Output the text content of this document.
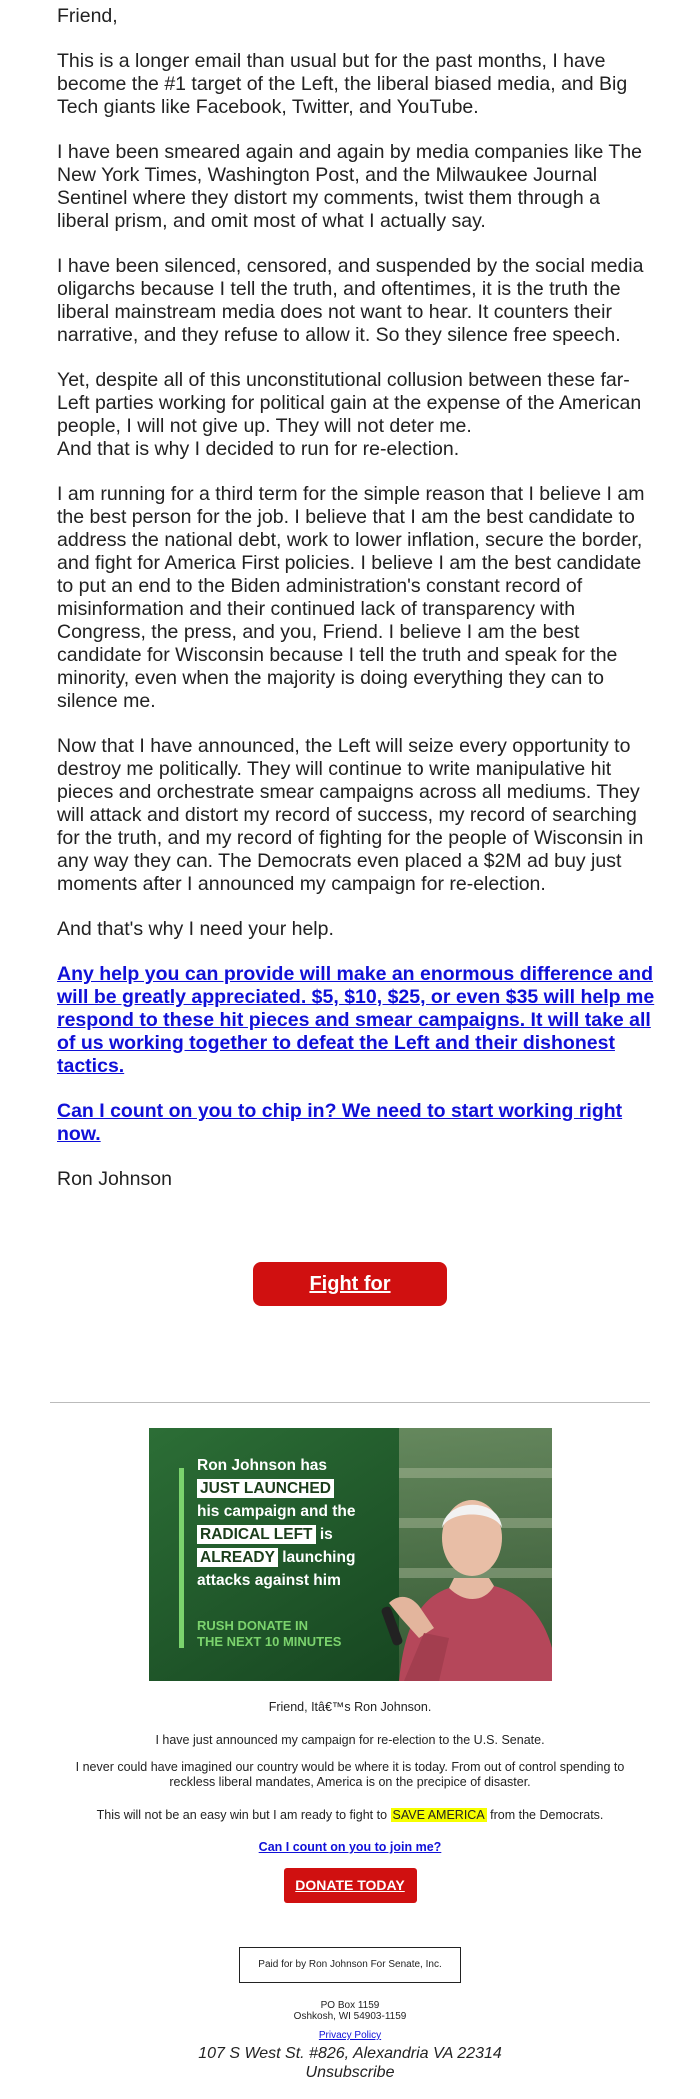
Friend,

This is a longer email than usual but for the past months, I have become the #1 target of the Left, the liberal biased media, and Big Tech giants like Facebook, Twitter, and YouTube.

I have been smeared again and again by media companies like The New York Times, Washington Post, and the Milwaukee Journal Sentinel where they distort my comments, twist them through a liberal prism, and omit most of what I actually say.

I have been silenced, censored, and suspended by the social media oligarchs because I tell the truth, and oftentimes, it is the truth the liberal mainstream media does not want to hear. It counters their narrative, and they refuse to allow it. So they silence free speech.

Yet, despite all of this unconstitutional collusion between these far-Left parties working for political gain at the expense of the American people, I will not give up. They will not deter me.
And that is why I decided to run for re-election.

I am running for a third term for the simple reason that I believe I am the best person for the job. I believe that I am the best candidate to address the national debt, work to lower inflation, secure the border, and fight for America First policies. I believe I am the best candidate to put an end to the Biden administration's constant record of misinformation and their continued lack of transparency with Congress, the press, and you, Friend. I believe I am the best candidate for Wisconsin because I tell the truth and speak for the minority, even when the majority is doing everything they can to silence me.

Now that I have announced, the Left will seize every opportunity to destroy me politically. They will continue to write manipulative hit pieces and orchestrate smear campaigns across all mediums. They will attack and distort my record of success, my record of searching for the truth, and my record of fighting for the people of Wisconsin in any way they can. The Democrats even placed a $2M ad buy just moments after I announced my campaign for re-election.

And that's why I need your help.

Any help you can provide will make an enormous difference and will be greatly appreciated. $5, $10, $25, or even $35 will help me respond to these hit pieces and smear campaigns. It will take all of us working together to defeat the Left and their dishonest tactics.

Can I count on you to chip in? We need to start working right now.

Ron Johnson

Fight for Freedom
Ron Johnson has
JUST LAUNCHED
his campaign and the
RADICAL LEFT is
ALREADY launching
attacks against him
RUSH DONATE IN
THE NEXT 10 MINUTES

Friend, Itâ€™s Ron Johnson.

I have just announced my campaign for re-election to the U.S. Senate.

I never could have imagined our country would be where it is today. From out of control spending to reckless liberal mandates, America is on the precipice of disaster.

This will not be an easy win but I am ready to fight to SAVE AMERICA from the Democrats.

Can I count on you to join me?

DONATE TODAY
Paid for by Ron Johnson For Senate, Inc.

PO Box 1159
Oshkosh, WI 54903-1159

Privacy Policy

107 S West St. #826, Alexandria VA 22314

Unsubscribe
